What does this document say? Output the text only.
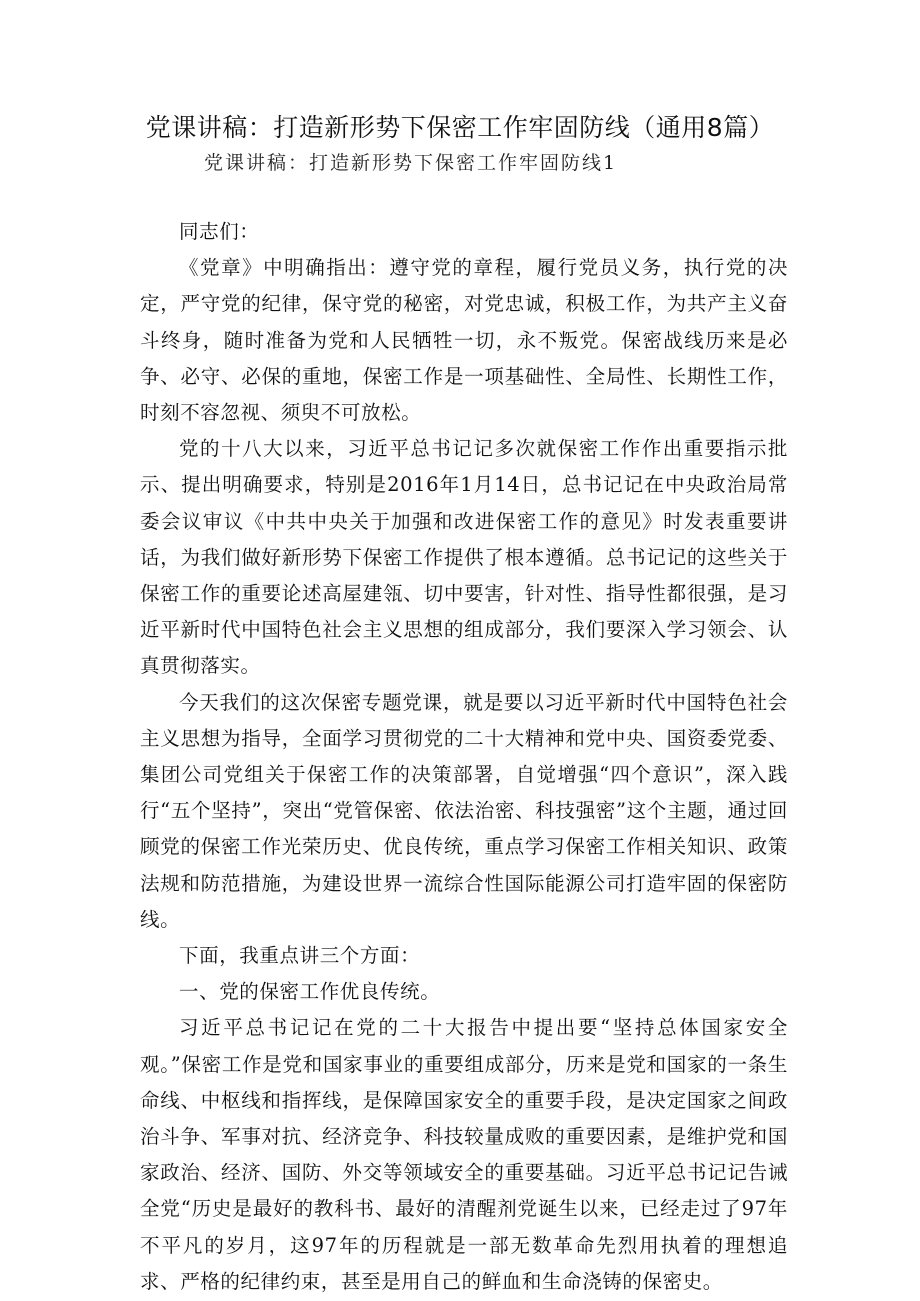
党课讲稿：打造新形势下保密工作牢固防线（通用8篇）
党课讲稿：打造新形势下保密工作牢固防线1

同志们：

《党章》中明确指出：遵守党的章程，履行党员义务，执行党的决定，严守党的纪律，保守党的秘密，对党忠诚，积极工作，为共产主义奋斗终身，随时准备为党和人民牺牲一切，永不叛党。保密战线历来是必争、必守、必保的重地，保密工作是一项基础性、全局性、长期性工作，时刻不容忽视、须臾不可放松。

党的十八大以来，习近平总书记记多次就保密工作作出重要指示批示、提出明确要求，特别是2016年1月14日，总书记记在中央政治局常委会议审议《中共中央关于加强和改进保密工作的意见》时发表重要讲话，为我们做好新形势下保密工作提供了根本遵循。总书记记的这些关于保密工作的重要论述高屋建瓴、切中要害，针对性、指导性都很强，是习近平新时代中国特色社会主义思想的组成部分，我们要深入学习领会、认真贯彻落实。

今天我们的这次保密专题党课，就是要以习近平新时代中国特色社会主义思想为指导，全面学习贯彻党的二十大精神和党中央、国资委党委、集团公司党组关于保密工作的决策部署，自觉增强“四个意识”，深入践行“五个坚持”，突出“党管保密、依法治密、科技强密”这个主题，通过回顾党的保密工作光荣历史、优良传统，重点学习保密工作相关知识、政策法规和防范措施，为建设世界一流综合性国际能源公司打造牢固的保密防线。

下面，我重点讲三个方面：

一、党的保密工作优良传统。

习近平总书记记在党的二十大报告中提出要“坚持总体国家安全观。”保密工作是党和国家事业的重要组成部分，历来是党和国家的一条生命线、中枢线和指挥线，是保障国家安全的重要手段，是决定国家之间政治斗争、军事对抗、经济竞争、科技较量成败的重要因素，是维护党和国家政治、经济、国防、外交等领域安全的重要基础。习近平总书记记告诫全党“历史是最好的教科书、最好的清醒剂党诞生以来，已经走过了97年不平凡的岁月，这97年的历程就是一部无数革命先烈用执着的理想追求、严格的纪律约束，甚至是用自己的鲜血和生命浇铸的保密史。
